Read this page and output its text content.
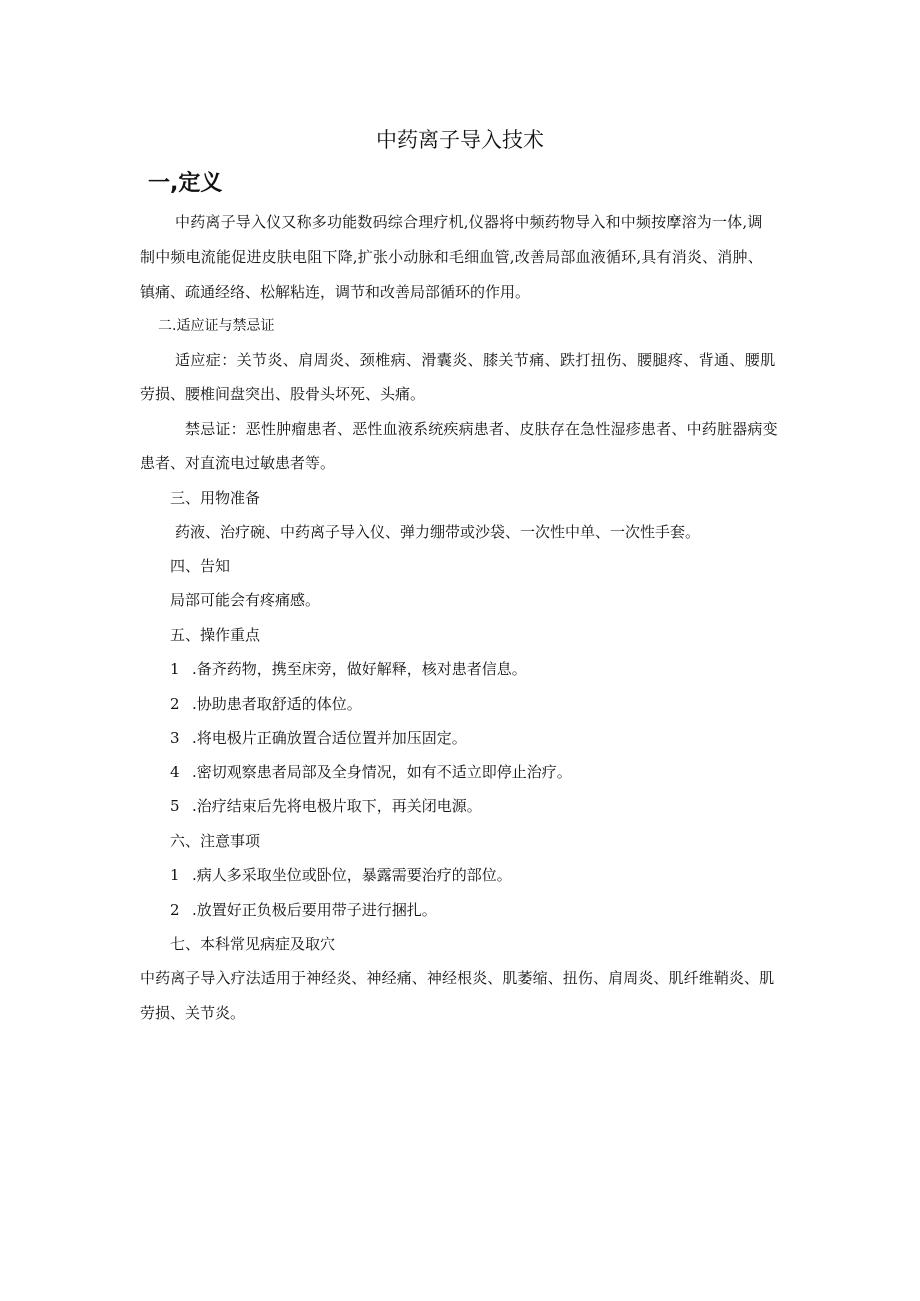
中药离子导入技术
一,定义

中药离子导入仪又称多功能数码综合理疗机,仪器将中频药物导入和中频按摩溶为一体,调

制中频电流能促进皮肤电阻下降,扩张小动脉和毛细血管,改善局部血液循环,具有消炎、消肿、

镇痛、疏通经络、松解粘连，调节和改善局部循环的作用。

二.适应证与禁忌证

适应症：关节炎、肩周炎、颈椎病、滑囊炎、膝关节痛、跌打扭伤、腰腿疼、背通、腰肌

劳损、腰椎间盘突出、股骨头坏死、头痛。

禁忌证：恶性肿瘤患者、恶性血液系统疾病患者、皮肤存在急性湿疹患者、中药脏器病变

患者、对直流电过敏患者等。

三、用物准备

药液、治疗碗、中药离子导入仪、弹力绷带或沙袋、一次性中单、一次性手套。

四、告知

局部可能会有疼痛感。

五、操作重点

1 .备齐药物，携至床旁，做好解释，核对患者信息。

2 .协助患者取舒适的体位。

3 .将电极片正确放置合适位置并加压固定。

4 .密切观察患者局部及全身情况，如有不适立即停止治疗。

5 .治疗结束后先将电极片取下，再关闭电源。

六、注意事项

1 .病人多采取坐位或卧位，暴露需要治疗的部位。

2 .放置好正负极后要用带子进行捆扎。

七、本科常见病症及取穴

中药离子导入疗法适用于神经炎、神经痛、神经根炎、肌萎缩、扭伤、肩周炎、肌纤维鞘炎、肌

劳损、关节炎。
